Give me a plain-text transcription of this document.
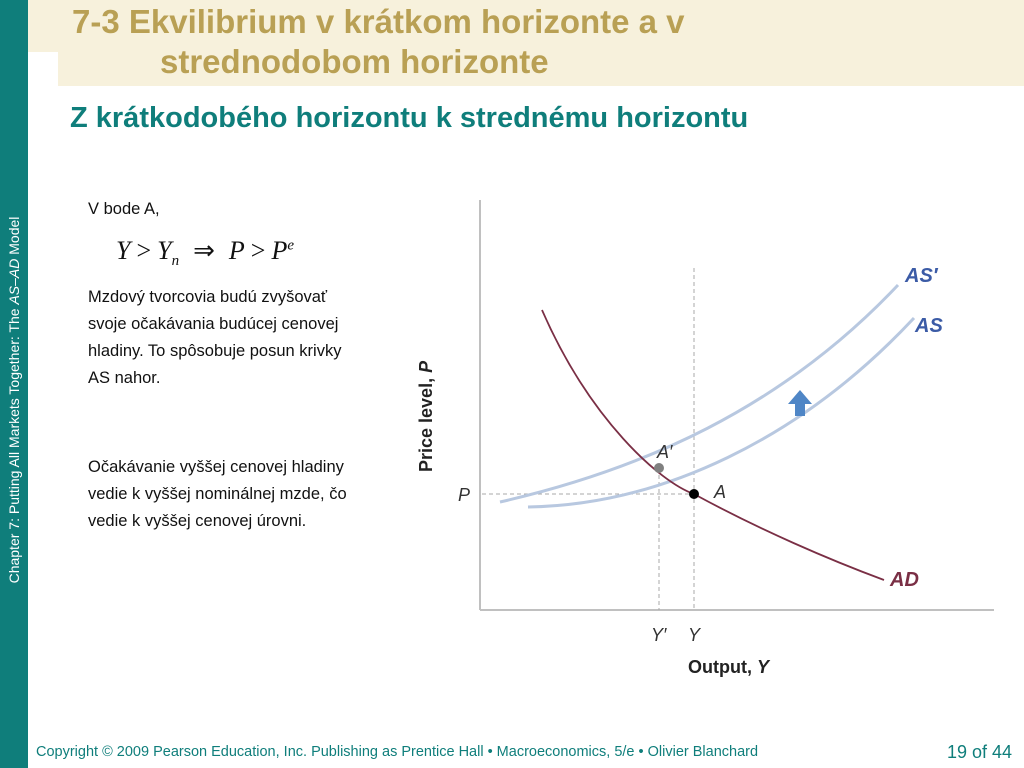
Chapter 7: Putting All Markets Together: The AS–AD Model
7-3 Ekvilibrium v krátkom horizonte a v
strednodobom horizonte
Z krátkodobého horizontu k strednému horizontu
V bode A,
$Y > Y_n$ ⇒ $P > P^e$
Mzdový tvorcovia budú zvyšovať svoje očakávania budúcej cenovej hladiny. To spôsobuje posun krivky AS nahor.
Očakávanie vyššej cenovej hladiny vedie k vyššej nominálnej mzde, čo vedie k vyššej cenovej úrovni.
AS′
AS
AD
A′
A
P
Y
Y′
Output, Y
Price level, P
Copyright © 2009 Pearson Education, Inc. Publishing as Prentice Hall • Macroeconomics, 5/e • Olivier Blanchard	19 of 44
